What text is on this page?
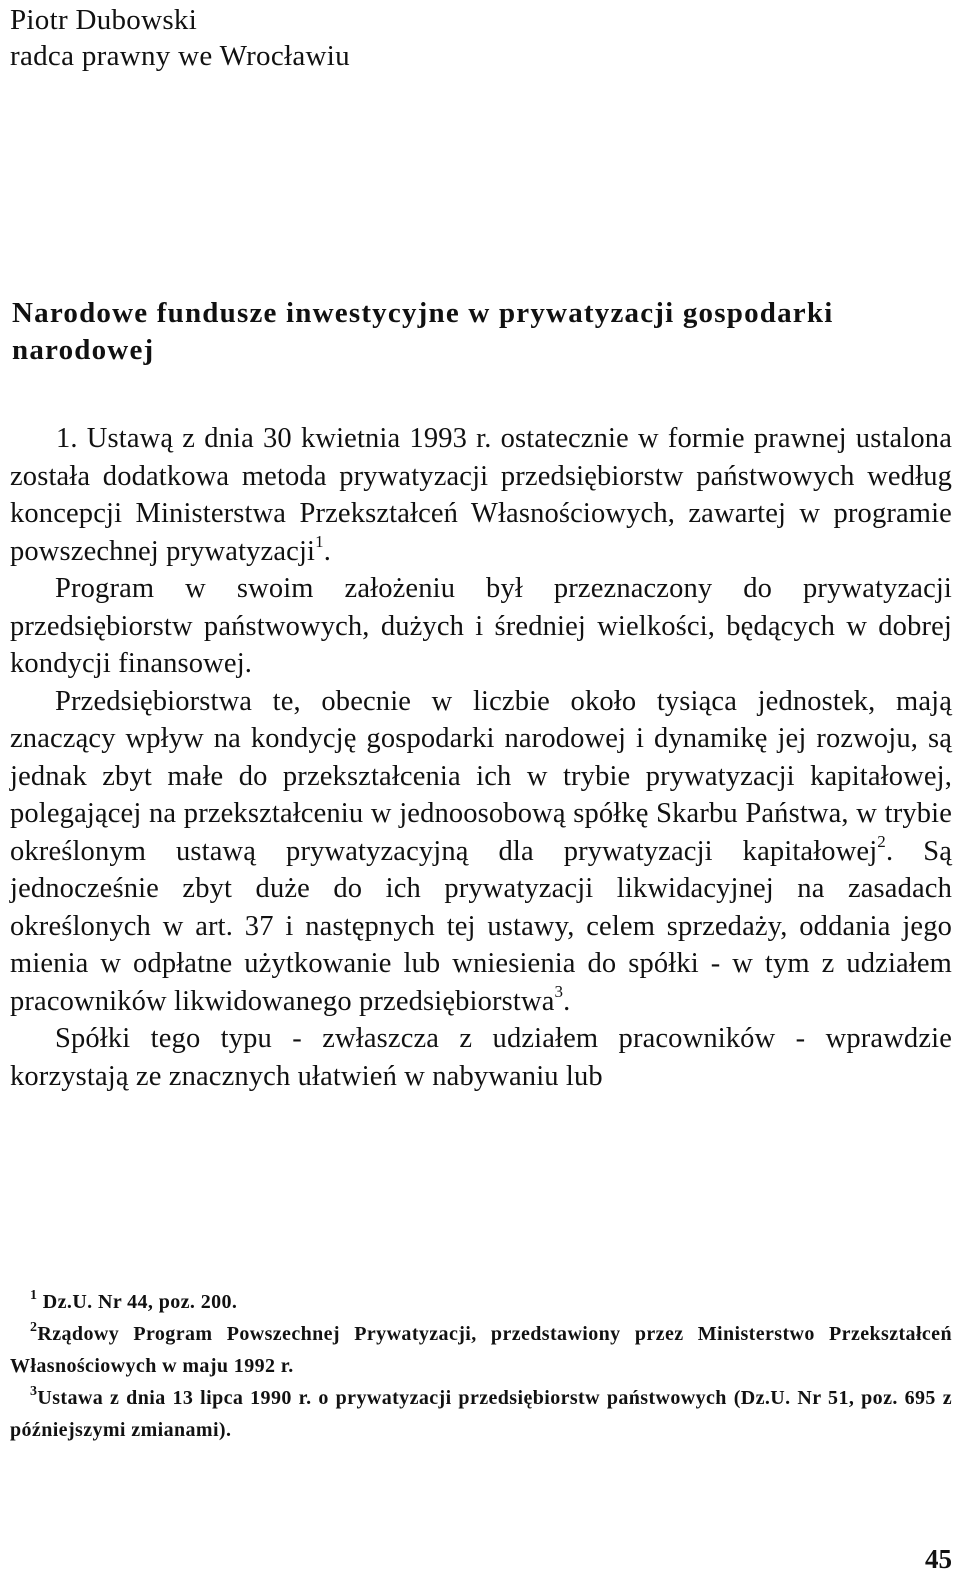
Piotr Dubowski
radca prawny we Wrocławiu
Narodowe fundusze inwestycyjne w prywatyzacji gospodarki narodowej

1. Ustawą z dnia 30 kwietnia 1993 r. ostatecznie w formie prawnej ustalona została dodatkowa metoda prywatyzacji przedsiębiorstw państwowych według koncepcji Ministerstwa Przekształceń Własnościowych, zawartej w programie powszechnej prywatyzacji$^1$.

Program w swoim założeniu był przeznaczony do prywatyzacji przedsiębiorstw państwowych, dużych i średniej wielkości, będących w dobrej kondycji finansowej.

Przedsiębiorstwa te, obecnie w liczbie około tysiąca jednostek, mają znaczący wpływ na kondycję gospodarki narodowej i dynamikę jej rozwoju, są jednak zbyt małe do przekształcenia ich w trybie prywatyzacji kapitałowej, polegającej na przekształceniu w jednoosobową spółkę Skarbu Państwa, w trybie określonym ustawą prywatyzacyjną dla prywatyzacji kapitałowej$^2$. Są jednocześnie zbyt duże do ich prywatyzacji likwidacyjnej na zasadach określonych w art. 37 i następnych tej ustawy, celem sprzedaży, oddania jego mienia w odpłatne użytkowanie lub wniesienia do spółki - w tym z udziałem pracowników likwidowanego przedsiębiorstwa$^3$.

Spółki tego typu - zwłaszcza z udziałem pracowników - wprawdzie korzystają ze znacznych ułatwień w nabywaniu lub

$^1$ Dz.U. Nr 44, poz. 200.

$^2$Rządowy Program Powszechnej Prywatyzacji, przedstawiony przez Ministerstwo Przekształceń Własnościowych w maju 1992 r.

$^3$Ustawa z dnia 13 lipca 1990 r. o prywatyzacji przedsiębiorstw państwowych (Dz.U. Nr 51, poz. 695 z późniejszymi zmianami).

45
